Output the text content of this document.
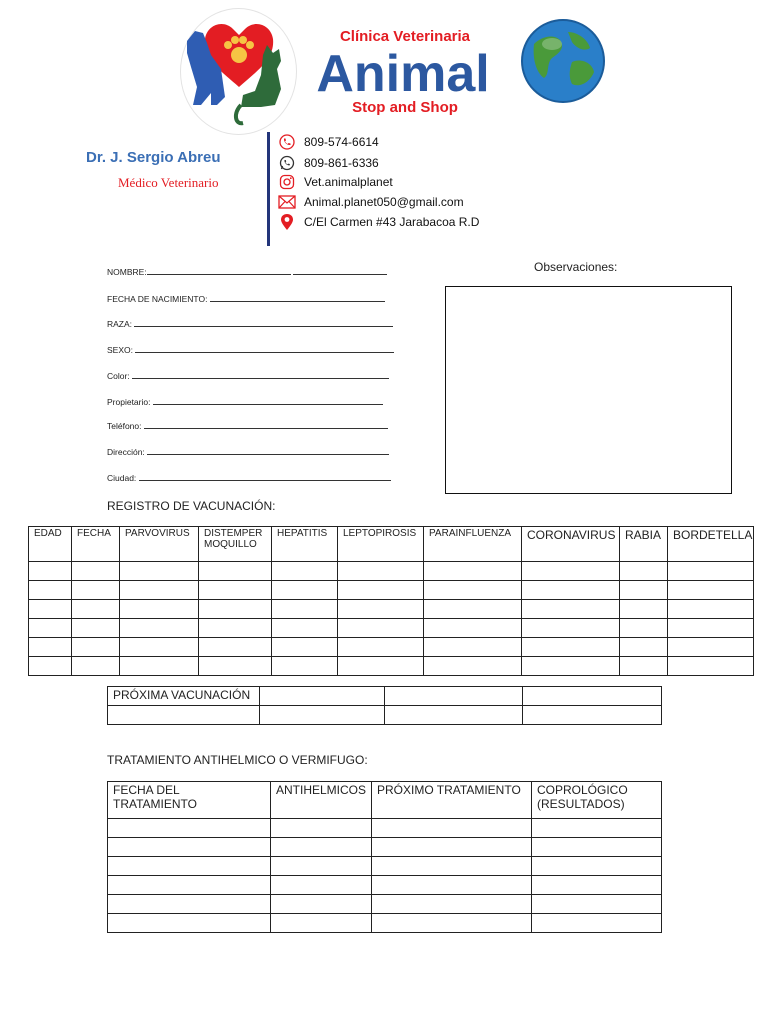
Clínica Veterinaria
Animal
Stop and Shop
Dr. J. Sergio Abreu
Médico Veterinario
809-574-6614
809-861-6336
Vet.animalplanet
Animal.planet050@gmail.com
C/El Carmen #43 Jarabacoa R.D
NOMBRE:
FECHA DE NACIMIENTO:
RAZA:
SEXO:
Color:
Propietario:
Teléfono:
Dirección:
Ciudad:
Observaciones:
REGISTRO DE VACUNACIÓN:
EDAD	FECHA	PARVOVIRUS	DISTEMPER MOQUILLO	HEPATITIS	LEPTOPIROSIS	PARAINFLUENZA	CORONAVIRUS	RABIA	BORDETELLA

PRÓXIMA VACUNACIÓN			

TRATAMIENTO ANTIHELMICO O VERMIFUGO:
FECHA DEL TRATAMIENTO	ANTIHELMICOS	PRÓXIMO TRATAMIENTO	COPROLÓGICO (RESULTADOS)
